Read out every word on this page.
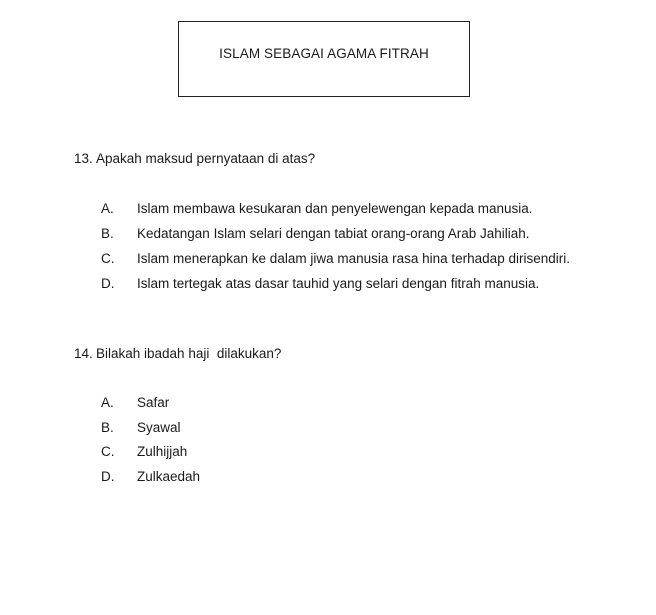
ISLAM SEBAGAI AGAMA FITRAH
13. Apakah maksud pernyataan di atas?
A. Islam membawa kesukaran dan penyelewengan kepada manusia.
B. Kedatangan Islam selari dengan tabiat orang-orang Arab Jahiliah.
C. Islam menerapkan ke dalam jiwa manusia rasa hina terhadap dirisendiri.
D. Islam tertegak atas dasar tauhid yang selari dengan fitrah manusia.
14. Bilakah ibadah haji  dilakukan?
A. Safar
B. Syawal
C. Zulhijjah
D. Zulkaedah
